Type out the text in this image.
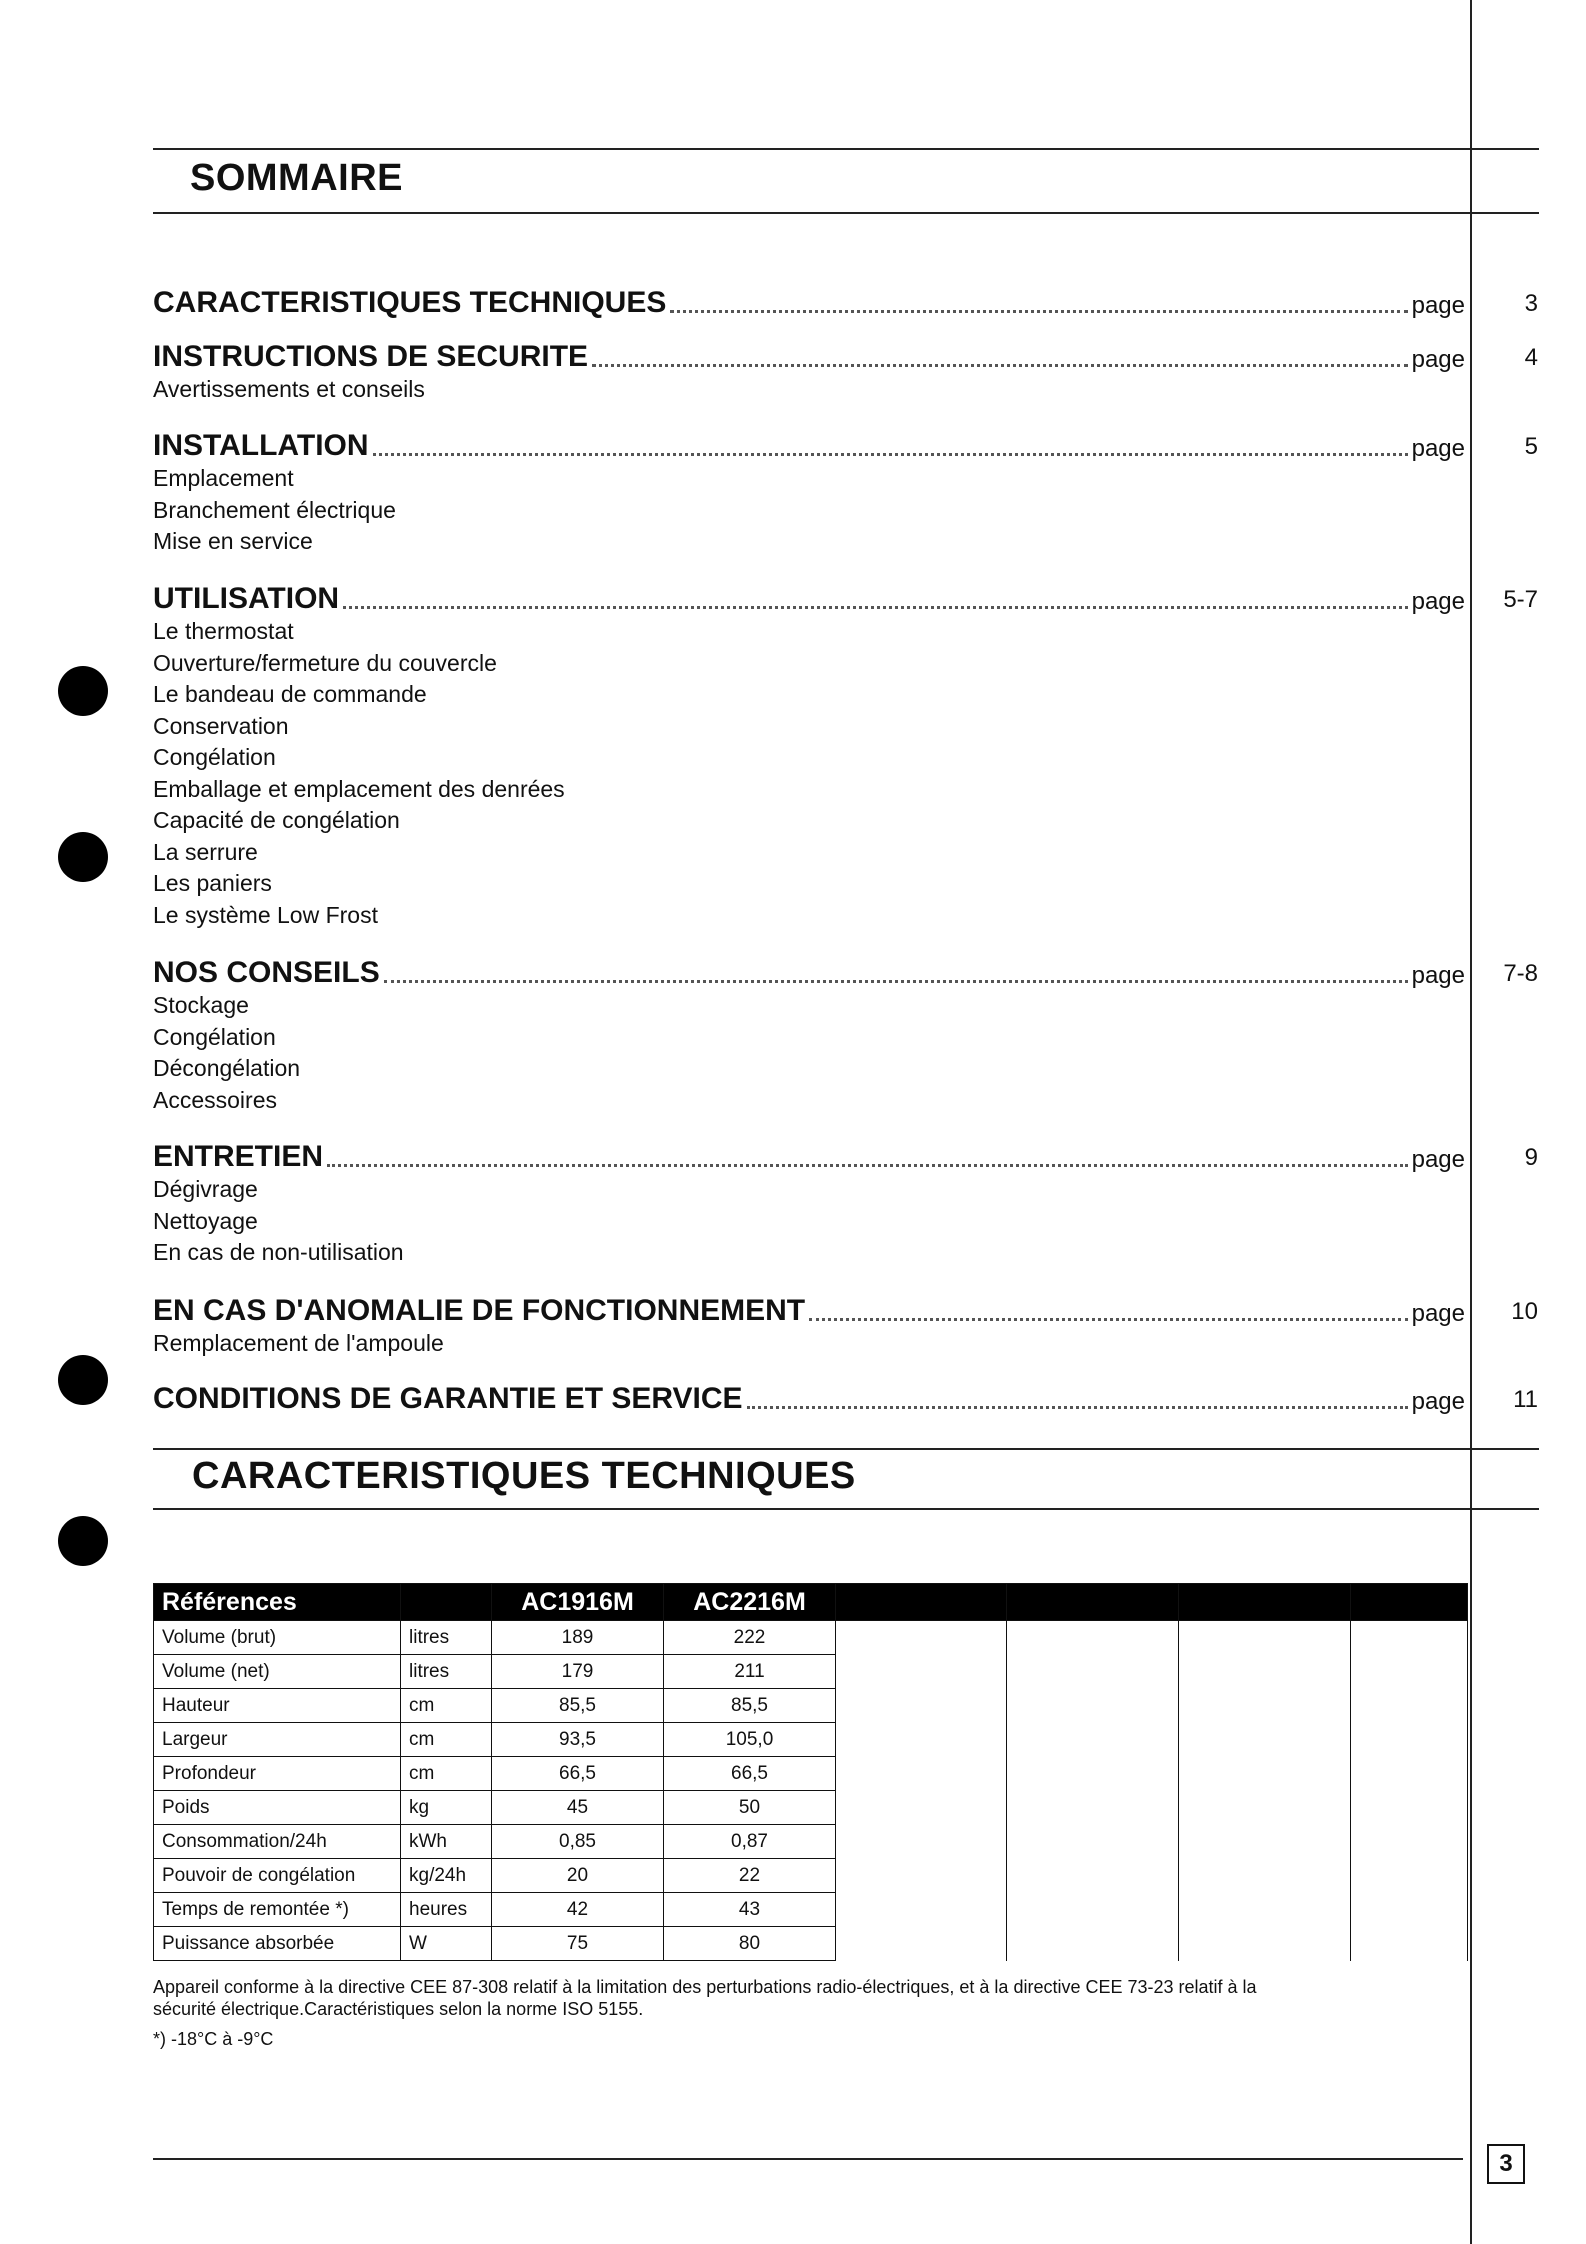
SOMMAIRE
CARACTERISTIQUES TECHNIQUES	page	3
INSTRUCTIONS DE SECURITE	page	4
Avertissements et conseils
INSTALLATION	page	5
Emplacement
Branchement électrique
Mise en service
UTILISATION	page	5-7
Le thermostat
Ouverture/fermeture du couvercle
Le bandeau de commande
Conservation
Congélation
Emballage et emplacement des denrées
Capacité de congélation
La serrure
Les paniers
Le système Low Frost
NOS CONSEILS	page	7-8
Stockage
Congélation
Décongélation
Accessoires
ENTRETIEN	page	9
Dégivrage
Nettoyage
En cas de non-utilisation
EN CAS D'ANOMALIE DE FONCTIONNEMENT	page	10
Remplacement de l'ampoule
CONDITIONS DE GARANTIE ET SERVICE	page	11
CARACTERISTIQUES TECHNIQUES
Références		AC1916M	AC2216M				
Volume (brut)	litres	189	222				
Volume (net)	litres	179	211				
Hauteur	cm	85,5	85,5				
Largeur	cm	93,5	105,0				
Profondeur	cm	66,5	66,5				
Poids	kg	45	50				
Consommation/24h	kWh	0,85	0,87				
Pouvoir de congélation	kg/24h	20	22				
Temps de remontée *)	heures	42	43				
Puissance absorbée	W	75	80				
Appareil conforme à la directive CEE 87-308 relatif à la limitation des perturbations radio-électriques, et à la directive CEE 73-23 relatif à la
sécurité électrique.Caractéristiques selon la norme ISO 5155.
*) -18°C à -9°C
3
